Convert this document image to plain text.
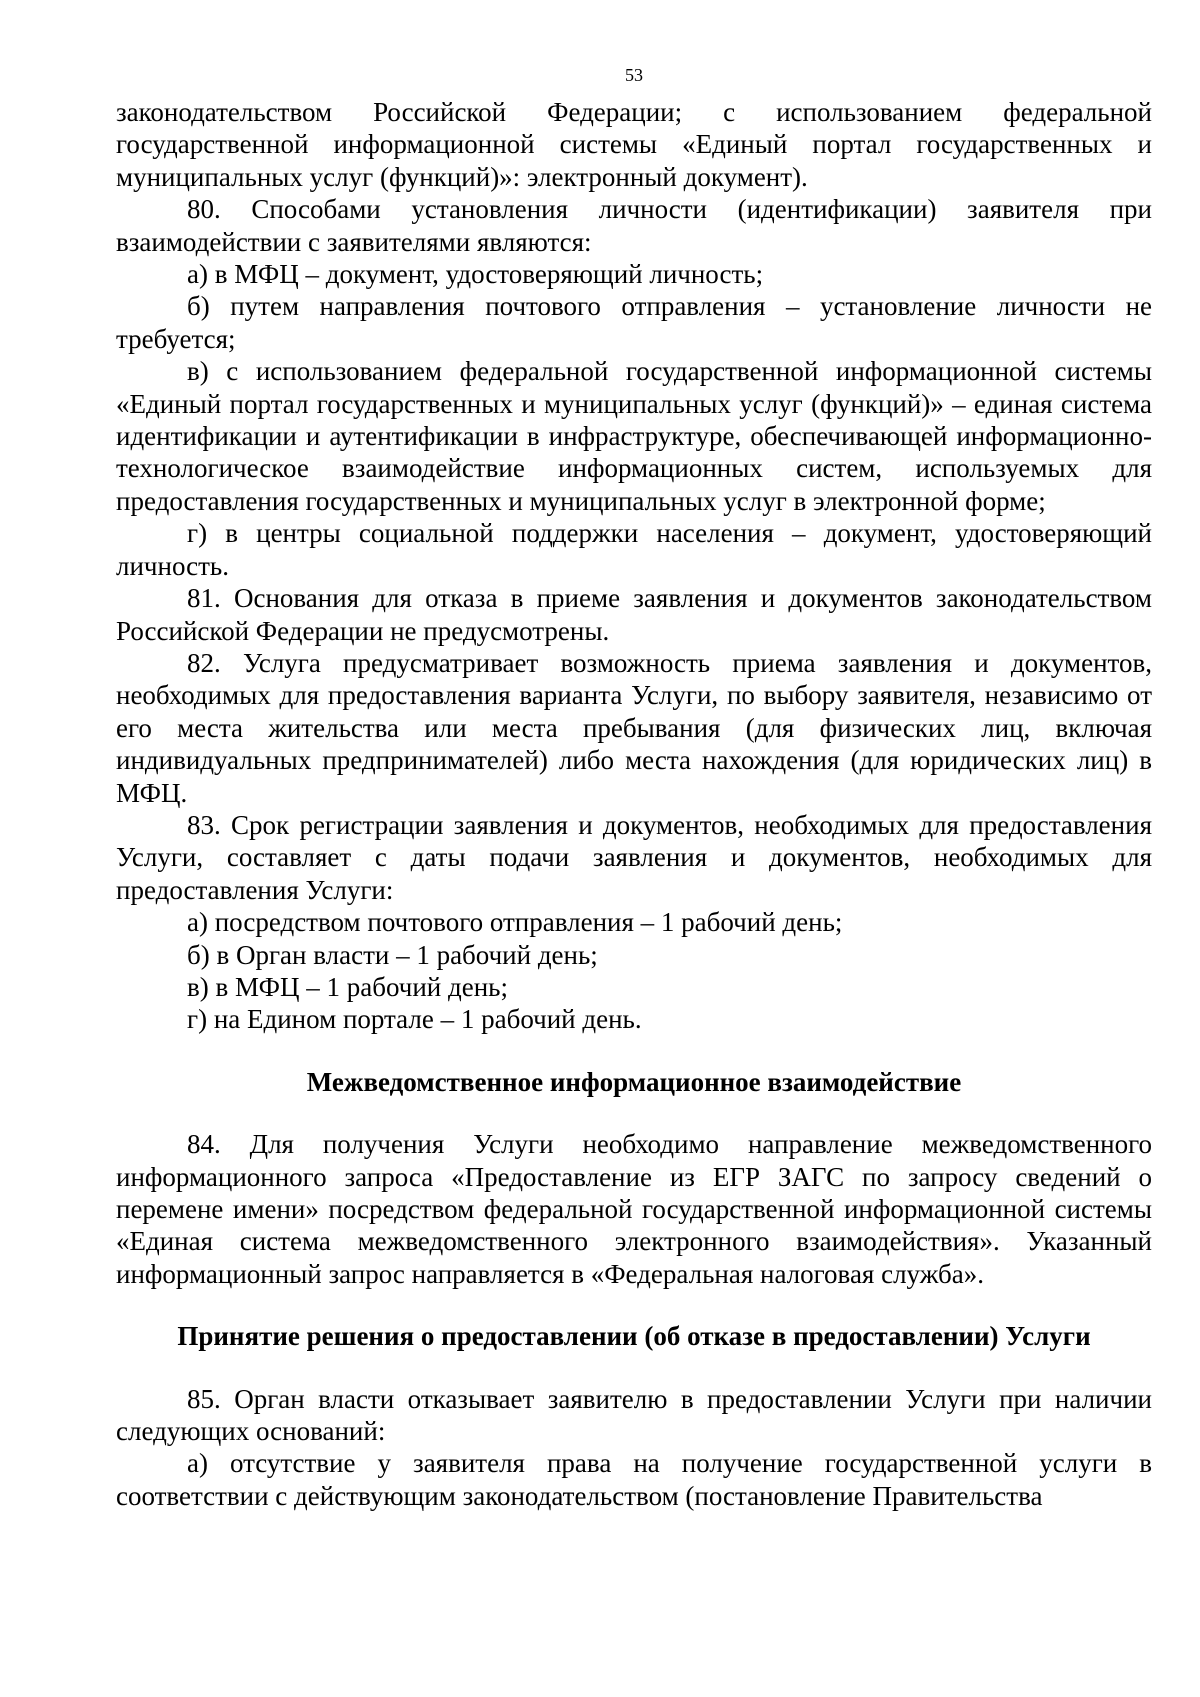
53

законодательством Российской Федерации; с использованием федеральной государственной информационной системы «Единый портал государственных и муниципальных услуг (функций)»: электронный документ).

80. Способами установления личности (идентификации) заявителя при взаимодействии с заявителями являются:

а) в МФЦ – документ, удостоверяющий личность;

б) путем направления почтового отправления – установление личности не требуется;

в) с использованием федеральной государственной информационной системы «Единый портал государственных и муниципальных услуг (функций)» – единая система идентификации и аутентификации в инфраструктуре, обеспечивающей информационно-технологическое взаимодействие информационных систем, используемых для предоставления государственных и муниципальных услуг в электронной форме;

г) в центры социальной поддержки населения – документ, удостоверяющий личность.

81. Основания для отказа в приеме заявления и документов законодательством Российской Федерации не предусмотрены.

82. Услуга предусматривает возможность приема заявления и документов, необходимых для предоставления варианта Услуги, по выбору заявителя, независимо от его места жительства или места пребывания (для физических лиц, включая индивидуальных предпринимателей) либо места нахождения (для юридических лиц) в МФЦ.

83. Срок регистрации заявления и документов, необходимых для предоставления Услуги, составляет с даты подачи заявления и документов, необходимых для предоставления Услуги:

а) посредством почтового отправления – 1 рабочий день;

б) в Орган власти – 1 рабочий день;

в) в МФЦ – 1 рабочий день;

г) на Едином портале – 1 рабочий день.

Межведомственное информационное взаимодействие

84. Для получения Услуги необходимо направление межведомственного информационного запроса «Предоставление из ЕГР ЗАГС по запросу сведений о перемене имени» посредством федеральной государственной информационной системы «Единая система межведомственного электронного взаимодействия». Указанный информационный запрос направляется в «Федеральная налоговая служба».

Принятие решения о предоставлении (об отказе в предоставлении) Услуги

85. Орган власти отказывает заявителю в предоставлении Услуги при наличии следующих оснований:

а) отсутствие у заявителя права на получение государственной услуги в соответствии с действующим законодательством (постановление Правительства
